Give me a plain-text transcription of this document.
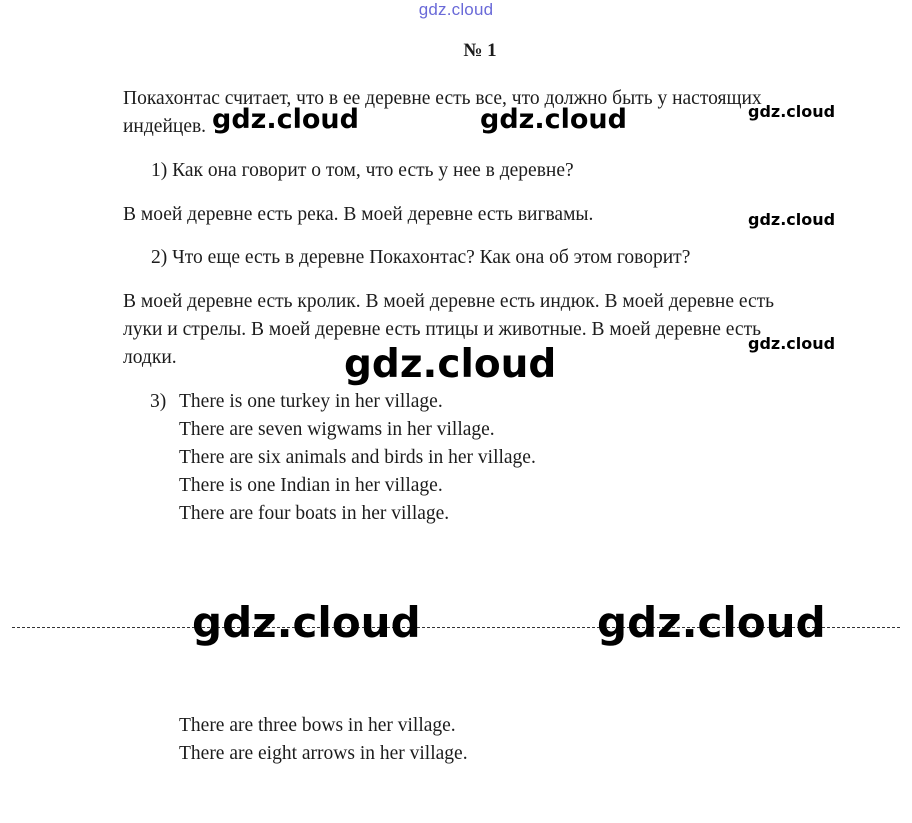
gdz.cloud
№ 1
Покахонтас считает, что в ее деревне есть все, что должно быть у настоящих
индейцев.
1) Как она говорит о том, что есть у нее в деревне?
В моей деревне есть река. В моей деревне есть вигвамы.
2) Что еще есть в деревне Покахонтас? Как она об этом говорит?
В моей деревне есть кролик. В моей деревне есть индюк. В моей деревне есть
луки и стрелы. В моей деревне есть птицы и животные. В моей деревне есть
лодки.
3) There is one turkey in her village.
There are seven wigwams in her village.
There are six animals and birds in her village.
There is one Indian in her village.
There are four boats in her village.
There are three bows in her village.
There are eight arrows in her village.
gdz.cloud	gdz.cloud	gdz.cloud
gdz.cloud
gdz.cloud
gdz.cloud
gdz.cloud	gdz.cloud
